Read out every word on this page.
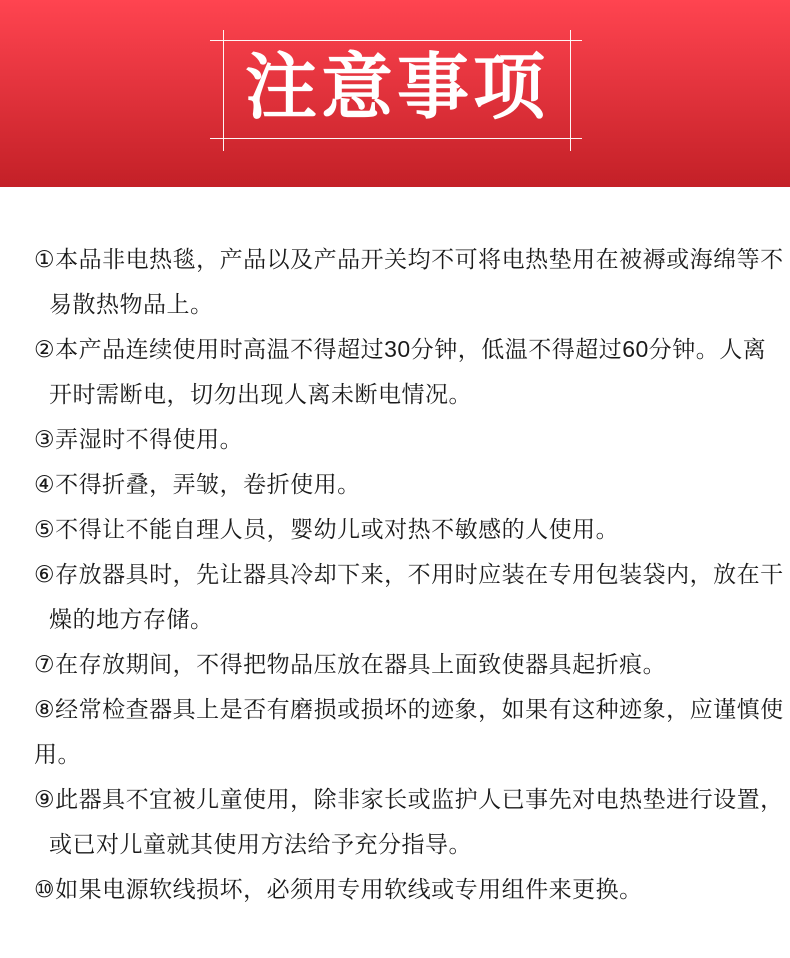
注意事项
①本品非电热毯，产品以及产品开关均不可将电热垫用在被褥或海绵等不
易散热物品上。
②本产品连续使用时高温不得超过30分钟，低温不得超过60分钟。人离
开时需断电，切勿出现人离未断电情况。
③弄湿时不得使用。
④不得折叠，弄皱，卷折使用。
⑤不得让不能自理人员，婴幼儿或对热不敏感的人使用。
⑥存放器具时，先让器具冷却下来，不用时应装在专用包装袋内，放在干
燥的地方存储。
⑦在存放期间，不得把物品压放在器具上面致使器具起折痕。
⑧经常检查器具上是否有磨损或损坏的迹象，如果有这种迹象，应谨慎使
用。
⑨此器具不宜被儿童使用，除非家长或监护人已事先对电热垫进行设置，
或已对儿童就其使用方法给予充分指导。
⑩如果电源软线损坏，必须用专用软线或专用组件来更换。
